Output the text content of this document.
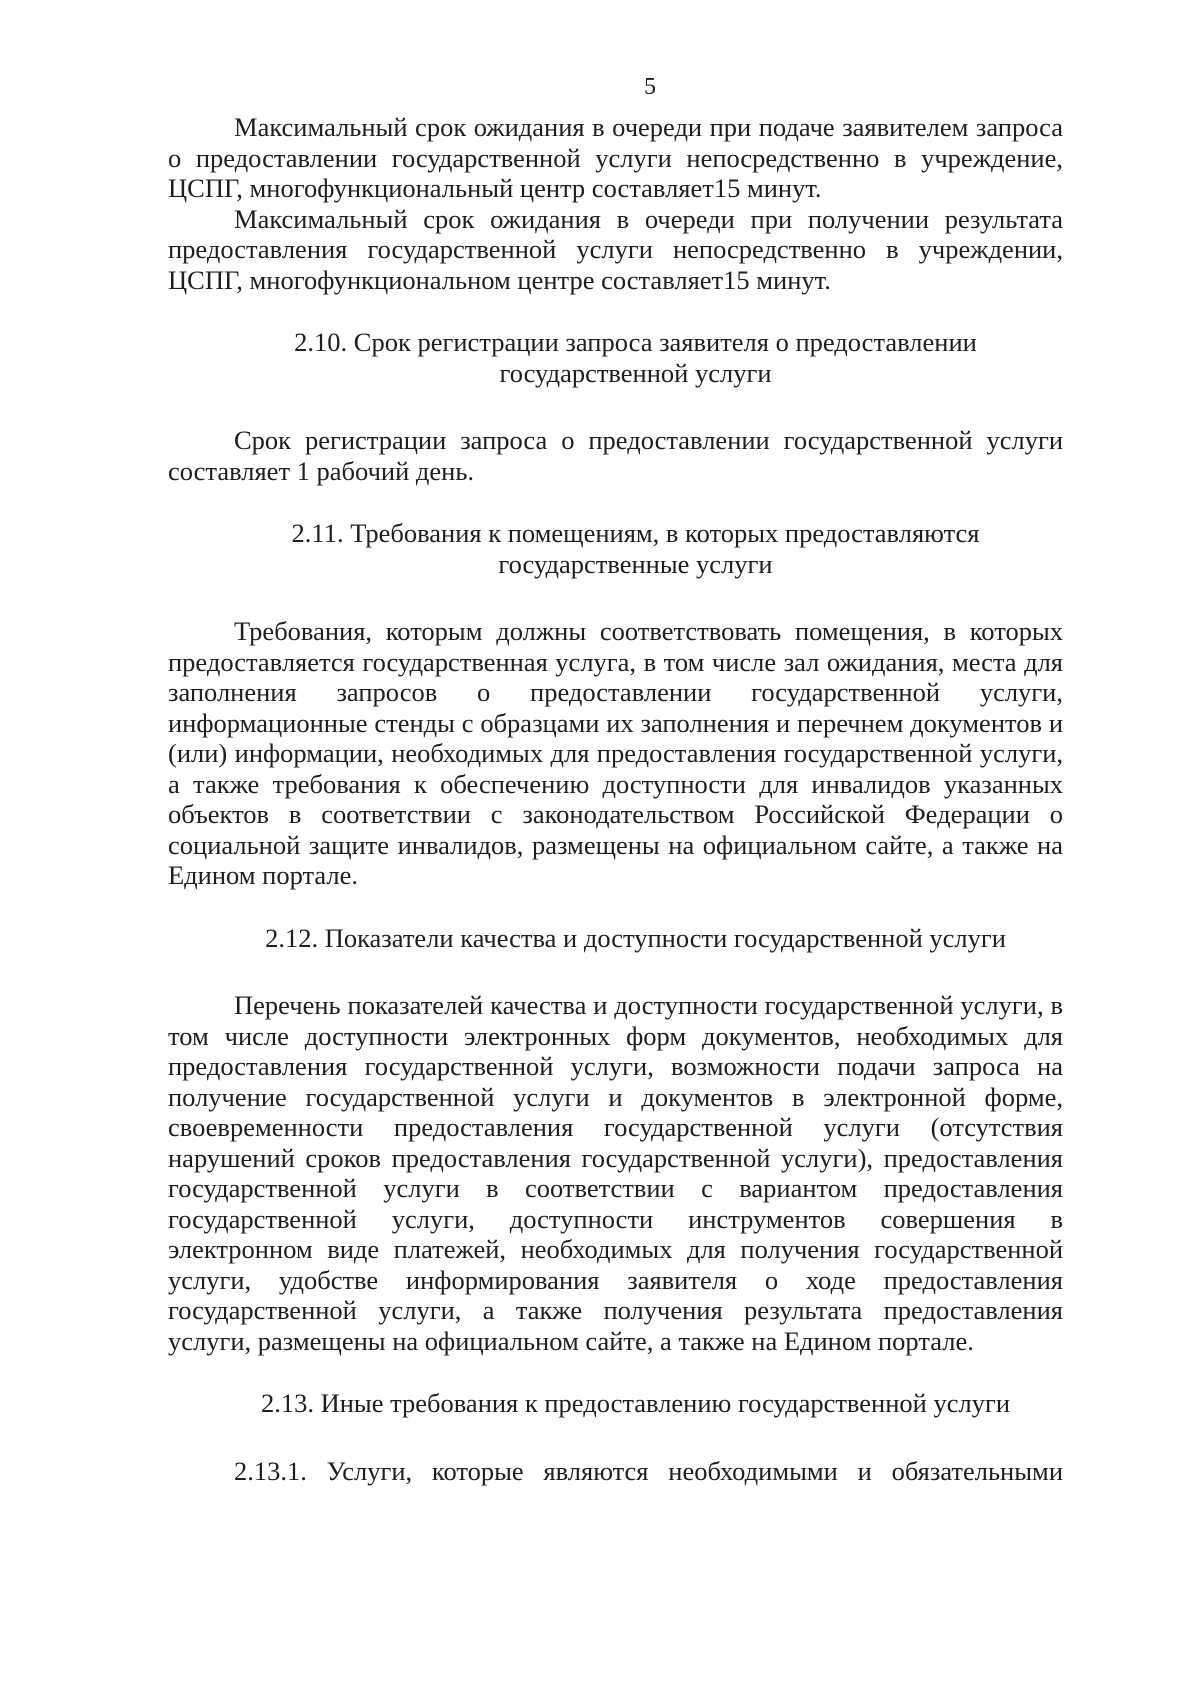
5

Максимальный срок ожидания в очереди при подаче заявителем запроса о предоставлении государственной услуги непосредственно в учреждение, ЦСПГ, многофункциональный центр составляет15 минут.

Максимальный срок ожидания в очереди при получении результата предоставления государственной услуги непосредственно в учреждении, ЦСПГ, многофункциональном центре составляет15 минут.

2.10. Срок регистрации запроса заявителя о предоставлении
государственной услуги

Срок регистрации запроса о предоставлении государственной услуги составляет 1 рабочий день.

2.11. Требования к помещениям, в которых предоставляются
государственные услуги

Требования, которым должны соответствовать помещения, в которых предоставляется государственная услуга, в том числе зал ожидания, места для заполнения запросов о предоставлении государственной услуги, информационные стенды с образцами их заполнения и перечнем документов и (или) информации, необходимых для предоставления государственной услуги, а также требования к обеспечению доступности для инвалидов указанных объектов в соответствии с законодательством Российской Федерации о социальной защите инвалидов, размещены на официальном сайте, а также на Едином портале.

2.12. Показатели качества и доступности государственной услуги

Перечень показателей качества и доступности государственной услуги, в том числе доступности электронных форм документов, необходимых для предоставления государственной услуги, возможности подачи запроса на получение государственной услуги и документов в электронной форме, своевременности предоставления государственной услуги (отсутствия нарушений сроков предоставления государственной услуги), предоставления государственной услуги в соответствии с вариантом предоставления государственной услуги, доступности инструментов совершения в электронном виде платежей, необходимых для получения государственной услуги, удобстве информирования заявителя о ходе предоставления государственной услуги, а также получения результата предоставления услуги, размещены на официальном сайте, а также на Едином портале.

2.13. Иные требования к предоставлению государственной услуги

2.13.1. Услуги, которые являются необходимыми и обязательными
